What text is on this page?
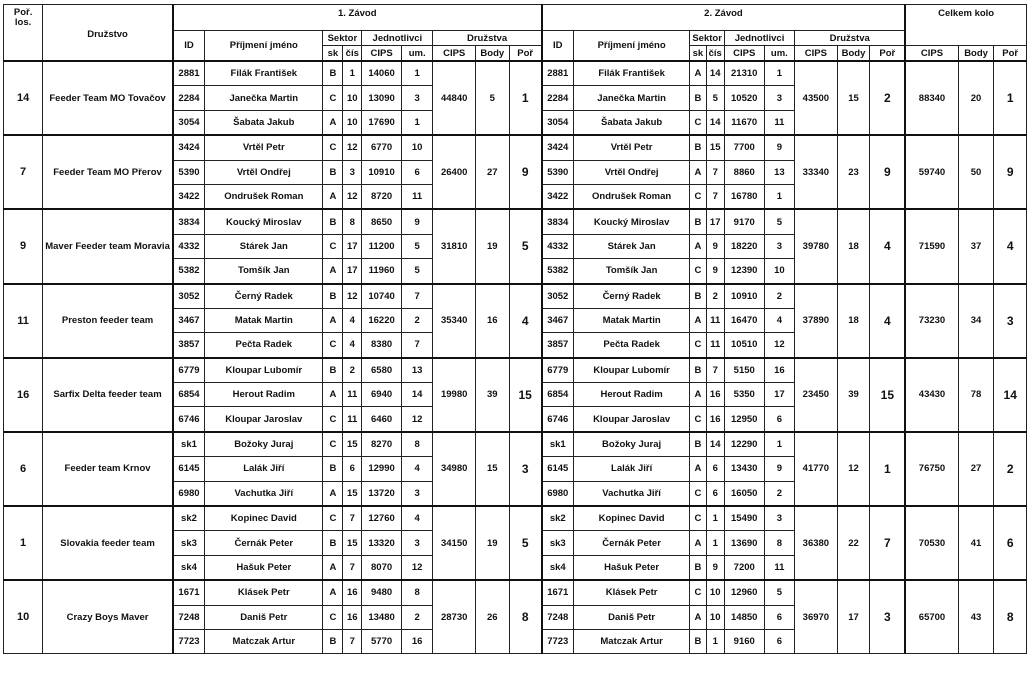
Poř. los.	Družstvo	1. Závod									2. Závod									Celkem kolo		
		ID	Příjmení jméno	Sektor		Jednotlivci		Družstva			ID	Příjmení jméno	Sektor		Jednotlivci		Družstva					
				sk	čís	CIPS	um.	CIPS	Body	Poř			sk	čís	CIPS	um.	CIPS	Body	Poř	CIPS	Body	Poř
14	Feeder Team MO Tovačov	2881	Filák František	B	1	14060	1	44840	5	1	2881	Filák František	A	14	21310	1	43500	15	2	88340	20	1
		2284	Janečka Martin	C	10	13090	3				2284	Janečka Martin	B	5	10520	3						
		3054	Šabata Jakub	A	10	17690	1				3054	Šabata Jakub	C	14	11670	11						
7	Feeder Team MO Přerov	3424	Vrtěl Petr	C	12	6770	10	26400	27	9	3424	Vrtěl Petr	B	15	7700	9	33340	23	9	59740	50	9
		5390	Vrtěl Ondřej	B	3	10910	6				5390	Vrtěl Ondřej	A	7	8860	13						
		3422	Ondrušek Roman	A	12	8720	11				3422	Ondrušek Roman	C	7	16780	1						
9	Maver Feeder team Moravia	3834	Koucký Miroslav	B	8	8650	9	31810	19	5	3834	Koucký Miroslav	B	17	9170	5	39780	18	4	71590	37	4
		4332	Stárek Jan	C	17	11200	5				4332	Stárek Jan	A	9	18220	3						
		5382	Tomšík Jan	A	17	11960	5				5382	Tomšík Jan	C	9	12390	10						
11	Preston feeder team	3052	Černý Radek	B	12	10740	7	35340	16	4	3052	Černý Radek	B	2	10910	2	37890	18	4	73230	34	3
		3467	Matak Martin	A	4	16220	2				3467	Matak Martin	A	11	16470	4						
		3857	Pečta Radek	C	4	8380	7				3857	Pečta Radek	C	11	10510	12						
16	Sarfix Delta feeder team	6779	Kloupar Lubomír	B	2	6580	13	19980	39	15	6779	Kloupar Lubomír	B	7	5150	16	23450	39	15	43430	78	14
		6854	Herout Radim	A	11	6940	14				6854	Herout Radim	A	16	5350	17						
		6746	Kloupar Jaroslav	C	11	6460	12				6746	Kloupar Jaroslav	C	16	12950	6						
6	Feeder team Krnov	sk1	Božoky Juraj	C	15	8270	8	34980	15	3	sk1	Božoky Juraj	B	14	12290	1	41770	12	1	76750	27	2
		6145	Lalák Jiří	B	6	12990	4				6145	Lalák Jiří	A	6	13430	9						
		6980	Vachutka Jiří	A	15	13720	3				6980	Vachutka Jiří	C	6	16050	2						
1	Slovakia feeder team	sk2	Kopinec David	C	7	12760	4	34150	19	5	sk2	Kopinec David	C	1	15490	3	36380	22	7	70530	41	6
		sk3	Černák Peter	B	15	13320	3				sk3	Černák Peter	A	1	13690	8						
		sk4	Hašuk Peter	A	7	8070	12				sk4	Hašuk Peter	B	9	7200	11						
10	Crazy Boys Maver	1671	Klásek Petr	A	16	9480	8	28730	26	8	1671	Klásek Petr	C	10	12960	5	36970	17	3	65700	43	8
		7248	Daniš Petr	C	16	13480	2				7248	Daniš Petr	A	10	14850	6						
		7723	Matczak Artur	B	7	5770	16				7723	Matczak Artur	B	1	9160	6						
